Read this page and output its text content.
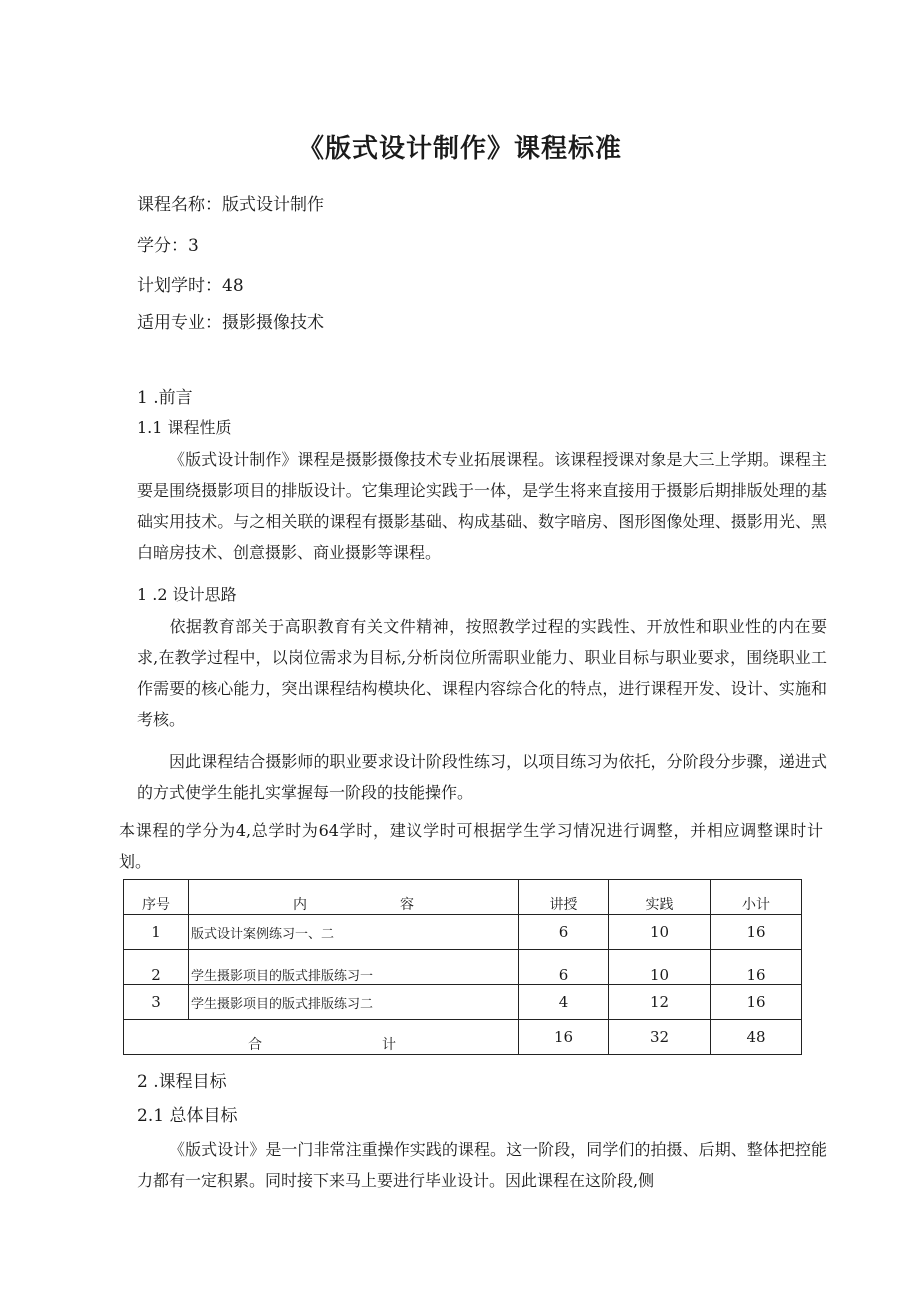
《版式设计制作》课程标准
课程名称：版式设计制作
学分：3
计划学时：48
适用专业：摄影摄像技术
1 .前言
1.1 课程性质
《版式设计制作》课程是摄影摄像技术专业拓展课程。该课程授课对象是大三上学期。课程主要是围绕摄影项目的排版设计。它集理论实践于一体，是学生将来直接用于摄影后期排版处理的基础实用技术。与之相关联的课程有摄影基础、构成基础、数字暗房、图形图像处理、摄影用光、黑白暗房技术、创意摄影、商业摄影等课程。
1 .2 设计思路
依据教育部关于高职教育有关文件精神，按照教学过程的实践性、开放性和职业性的内在要求,在教学过程中，以岗位需求为目标,分析岗位所需职业能力、职业目标与职业要求，围绕职业工作需要的核心能力，突出课程结构模块化、课程内容综合化的特点，进行课程开发、设计、实施和考核。
因此课程结合摄影师的职业要求设计阶段性练习，以项目练习为依托，分阶段分步骤，递进式的方式使学生能扎实掌握每一阶段的技能操作。
本课程的学分为4,总学时为64学时，建议学时可根据学生学习情况进行调整，并相应调整课时计划。
序号	内 容	讲授	实践	小计
1	版式设计案例练习一、二	6	10	16
2	学生摄影项目的版式排版练习一	6	10	16
3	学生摄影项目的版式排版练习二	4	12	16

合 计		16	32	48
2 .课程目标
2.1 总体目标
《版式设计》是一门非常注重操作实践的课程。这一阶段，同学们的拍摄、后期、整体把控能力都有一定积累。同时接下来马上要进行毕业设计。因此课程在这阶段,侧
